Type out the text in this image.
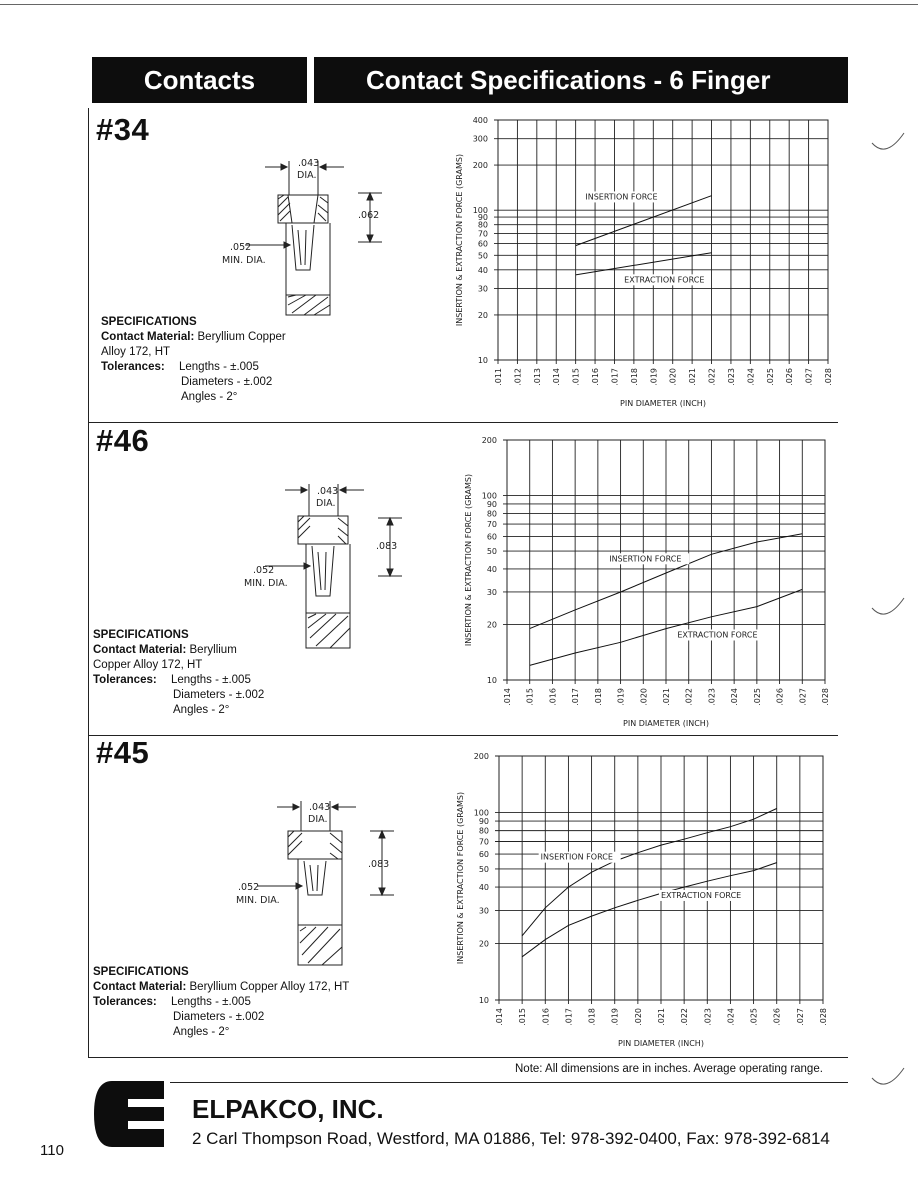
Contacts	Contact Specifications - 6 Finger
#34
.043
DIA.
.062
.052
MIN. DIA.
SPECIFICATIONS
Contact Material: Beryllium Copper
Alloy 172, HT
Tolerances:	Lengths - ±.005
Diameters - ±.002
Angles - 2°
#46
.043
DIA.
.083
.052
MIN. DIA.
SPECIFICATIONS
Contact Material: Beryllium
Copper Alloy 172, HT
Tolerances:	Lengths - ±.005
Diameters - ±.002
Angles - 2°
#45
.043
DIA.
.083
.052
MIN. DIA.
SPECIFICATIONS
Contact Material: Beryllium Copper Alloy 172, HT
Tolerances:	Lengths - ±.005
Diameters - ±.002
Angles - 2°
.011 .012 .013 .014 .015 .016 .017 .018 .019 .020 .021 .022 .023 .024 .025 .026 .027 .028
10
20
30
40
50
60
70
80
90
100
200
300
400
PIN DIAMETER (INCH)
INSERTION & EXTRACTION FORCE (GRAMS)	INSERTION FORCE
EXTRACTION FORCE
.014 .015 .016 .017 .018 .019 .020 .021 .022 .023 .024 .025 .026 .027 .028
10
20
30
40
50
60
70
80
90
100
200
PIN DIAMETER (INCH)
INSERTION & EXTRACTION FORCE (GRAMS)	INSERTION FORCE
EXTRACTION FORCE
.014 .015 .016 .017 .018 .019 .020 .021 .022 .023 .024 .025 .026 .027 .028
10
20
30
40
50
60
70
80
90
100
200
PIN DIAMETER (INCH)
INSERTION & EXTRACTION FORCE (GRAMS)	INSERTION FORCE
EXTRACTION FORCE
Note: All dimensions are in inches. Average operating range.
ELPAKCO, INC.
2 Carl Thompson Road, Westford, MA 01886, Tel: 978-392-0400, Fax: 978-392-6814
110
